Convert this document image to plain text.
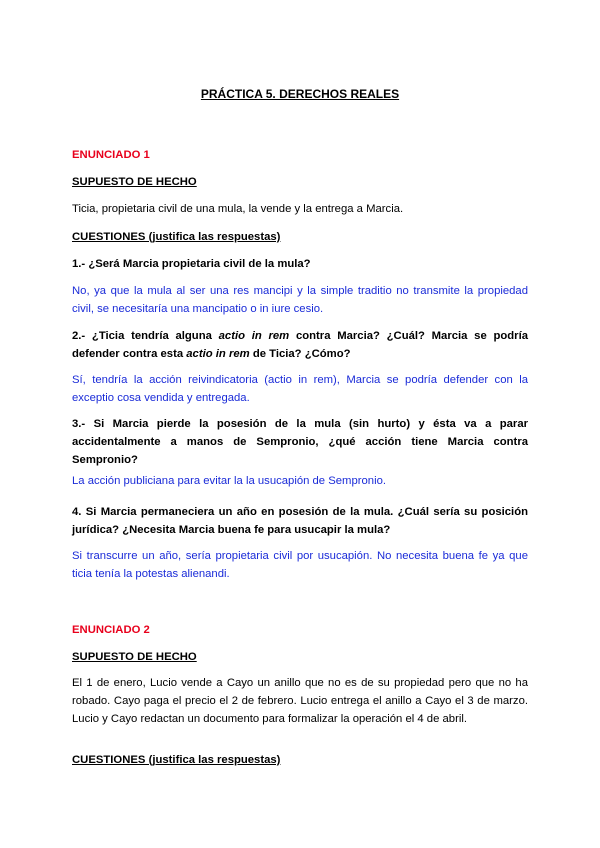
PRÁCTICA 5. DERECHOS REALES

ENUNCIADO 1

SUPUESTO DE HECHO

Ticia, propietaria civil de una mula, la vende y la entrega a Marcia.

CUESTIONES (justifica las respuestas)

1.- ¿Será Marcia propietaria civil de la mula?

No, ya que la mula al ser una res mancipi y la simple traditio no transmite la propiedad civil, se necesitaría una mancipatio o in iure cesio.

2.- ¿Ticia tendría alguna actio in rem contra Marcia? ¿Cuál? Marcia se podría defender contra esta actio in rem de Ticia? ¿Cómo?

Sí, tendría la acción reivindicatoria (actio in rem), Marcia se podría defender con la exceptio cosa vendida y entregada.

3.- Si Marcia pierde la posesión de la mula (sin hurto) y ésta va a parar accidentalmente a manos de Sempronio, ¿qué acción tiene Marcia contra Sempronio?

La acción publiciana para evitar la la usucapión de Sempronio.

4. Si Marcia permaneciera un año en posesión de la mula. ¿Cuál sería su posición jurídica? ¿Necesita Marcia buena fe para usucapir la mula?

Si transcurre un año, sería propietaria civil por usucapión. No necesita buena fe ya que ticia tenía la potestas alienandi.

ENUNCIADO 2

SUPUESTO DE HECHO

El 1 de enero, Lucio vende a Cayo un anillo que no es de su propiedad pero que no ha robado. Cayo paga el precio el 2 de febrero. Lucio entrega el anillo a Cayo el 3 de marzo. Lucio y Cayo redactan un documento para formalizar la operación el 4 de abril.

CUESTIONES (justifica las respuestas)
